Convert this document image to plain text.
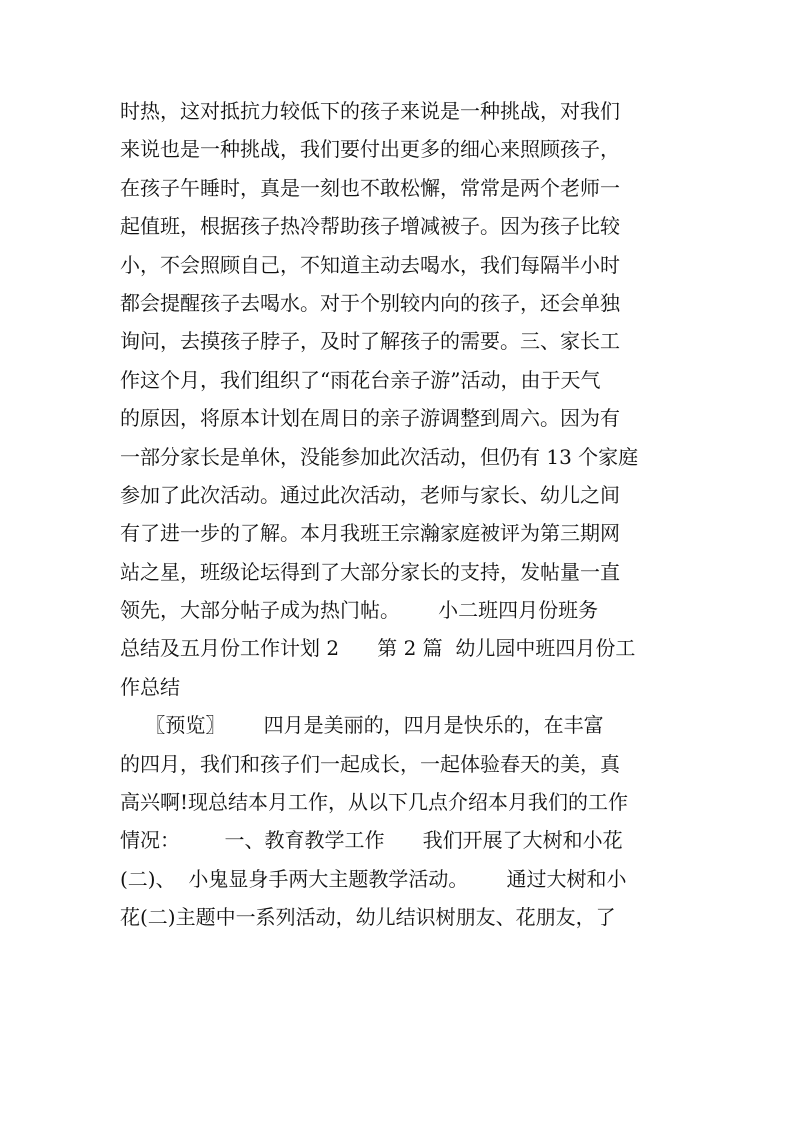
时热，这对抵抗力较低下的孩子来说是一种挑战，对我们
来说也是一种挑战，我们要付出更多的细心来照顾孩子，
在孩子午睡时，真是一刻也不敢松懈，常常是两个老师一
起值班，根据孩子热冷帮助孩子增减被子。因为孩子比较
小，不会照顾自己，不知道主动去喝水，我们每隔半小时
都会提醒孩子去喝水。对于个别较内向的孩子，还会单独
询问，去摸孩子脖子，及时了解孩子的需要。三、家长工
作这个月，我们组织了“雨花台亲子游”活动，由于天气
的原因，将原本计划在周日的亲子游调整到周六。因为有
一部分家长是单休，没能参加此次活动，但仍有 13 个家庭
参加了此次活动。通过此次活动，老师与家长、幼儿之间
有了进一步的了解。本月我班王宗瀚家庭被评为第三期网
站之星，班级论坛得到了大部分家长的支持，发帖量一直
领先，大部分帖子成为热门帖。      小二班四月份班务
总结及五月份工作计划 2      第 2 篇  幼儿园中班四月份工
作总结
〖预览〗      四月是美丽的，四月是快乐的，在丰富
的四月，我们和孩子们一起成长，一起体验春天的美，真
高兴啊!现总结本月工作，从以下几点介绍本月我们的工作
情况：       一、教育教学工作      我们开展了大树和小花
(二)、  小鬼显身手两大主题教学活动。      通过大树和小
花(二)主题中一系列活动，幼儿结识树朋友、花朋友，了
